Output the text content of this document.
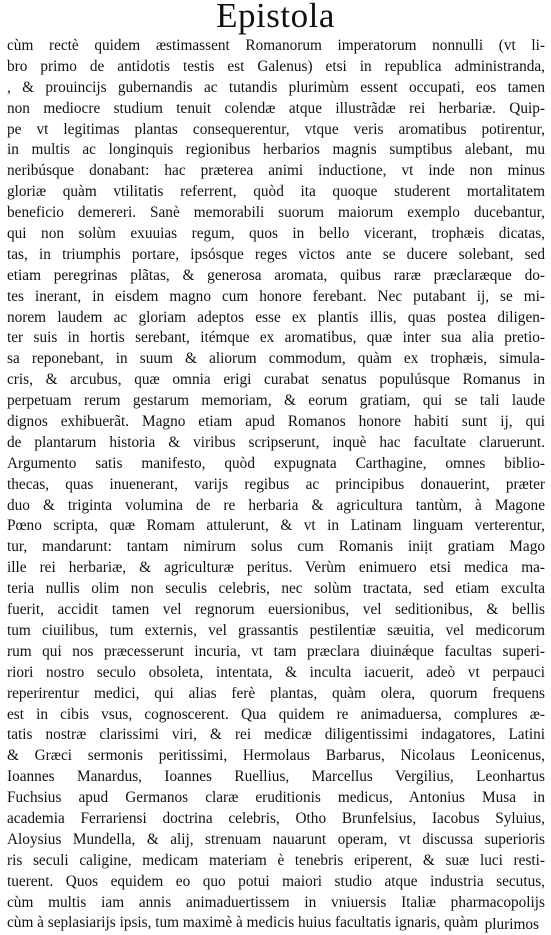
Epistola
cùm rectè quidem æstimassent Romanorum imperatorum nonnulli (vt li-
bro primo de antidotis testis est Galenus) etsi in republica administranda,
, & prouincijs gubernandis ac tutandis plurimùm essent occupati, eos tamen
non mediocre studium tenuit colendæ atque illustrãdæ rei herbariæ. Quip-
pe vt legitimas plantas consequerentur, vtque veris aromatibus potirentur,
in multis ac longinquis regionibus herbarios magnis sumptibus alebant, mu
neribúsque donabant: hac præterea animi inductione, vt inde non minus
gloriæ quàm vtilitatis referrent, quòd ita quoque studerent mortalitatem
beneficio demereri. Sanè memorabili suorum maiorum exemplo ducebantur,
qui non solùm exuuias regum, quos in bello vicerant, trophæis dicatas,
tas, in triumphis portare, ipsósque reges victos ante se ducere solebant, sed
etiam peregrinas plãtas, & generosa aromata, quibus raræ præclaræque do-
tes inerant, in eisdem magno cum honore ferebant. Nec putabant ij, se mi-
norem laudem ac gloriam adeptos esse ex plantis illis, quas postea diligen-
ter suis in hortis serebant, itémque ex aromatibus, quæ inter sua alia pretio-
sa reponebant, in suum & aliorum commodum, quàm ex trophæis, simula-
cris, & arcubus, quæ omnia erigi curabat senatus populúsque Romanus in
perpetuam rerum gestarum memoriam, & eorum gratiam, qui se tali laude
dignos exhibuerãt. Magno etiam apud Romanos honore habiti sunt ij, qui
de plantarum historia & viribus scripserunt, inquè hac facultate claruerunt.
Argumento satis manifesto, quòd expugnata Carthagine, omnes biblio-
thecas, quas inuenerant, varijs regibus ac principibus donauerint, præter
duo & triginta volumina de re herbaria & agricultura tantùm, à Magone
Pœno scripta, quæ Romam attulerunt, & vt in Latinam linguam verterentur,
tur, mandarunt: tantam nimirum solus cum Romanis iniịt gratiam Mago
ille rei herbariæ, & agriculturæ peritus. Verùm enimuero etsi medica ma-
teria nullis olim non seculis celebris, nec solùm tractata, sed etiam exculta
fuerit, accidit tamen vel regnorum euersionibus, vel seditionibus, & bellis
tum ciuilibus, tum externis, vel grassantis pestilentiæ sæuitia, vel medicorum
rum qui nos præcesserunt incuria, vt tam præclara diuinǽque facultas superi-
riori nostro seculo obsoleta, intentata, & inculta iacuerit, adeò vt perpauci
reperirentur medici, qui alias ferè plantas, quàm olera, quorum frequens
est in cibis vsus, cognoscerent. Qua quidem re animaduersa, complures æ-
tatis nostræ clarissimi viri, & rei medicæ diligentissimi indagatores, Latini
& Græci sermonis peritissimi, Hermolaus Barbarus, Nicolaus Leonicenus,
Ioannes Manardus, Ioannes Ruellius, Marcellus Vergilius, Leonhartus
Fuchsius apud Germanos claræ eruditionis medicus, Antonius Musa in
academia Ferrariensi doctrina celebris, Otho Brunfelsius, Iacobus Syluius,
Aloysius Mundella, & alij, strenuam nauarunt operam, vt discussa superioris
ris seculi caligine, medicam materiam è tenebris eriperent, & suæ luci resti-
tuerent. Quos equidem eo quo potui maiori studio atque industria secutus,
cùm multis iam annis animaduertissem in vniuersis Italiæ pharmacopolijs
cùm à seplasiarijs ipsis, tum maximè à medicis huius facultatis ignaris, quàm plurimos
